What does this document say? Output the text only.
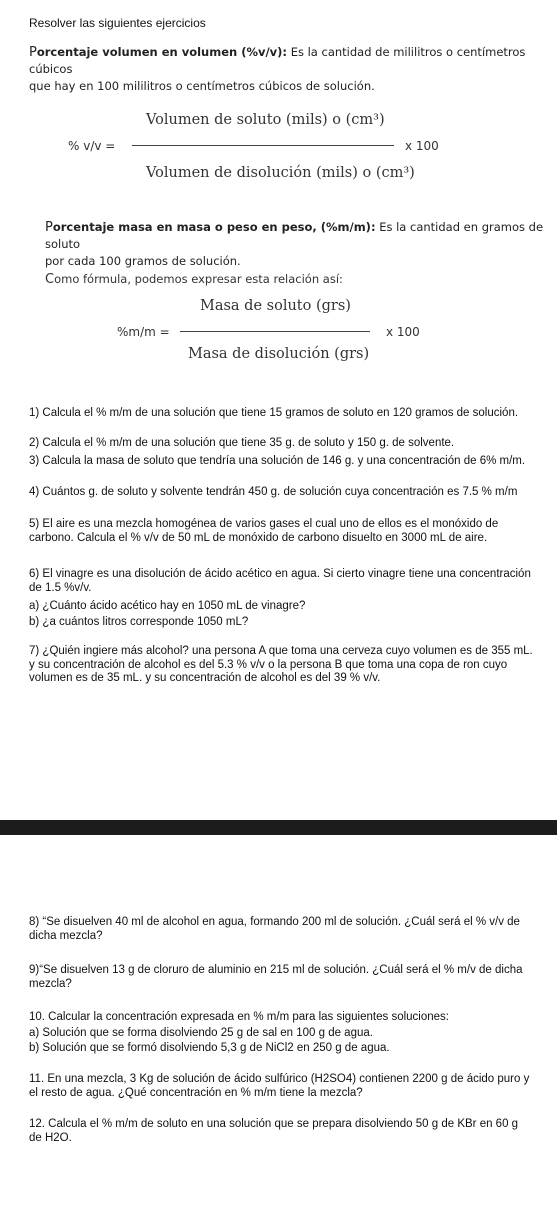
Resolver las siguientes ejercicios
Porcentaje volumen en volumen (%v/v): Es la cantidad de mililitros o centímetros cúbicos
que hay en 100 mililitros o centímetros cúbicos de solución.
% v/v =
Volumen de soluto (mils) o (cm³)
Volumen de disolución (mils) o (cm³)
x 100
Porcentaje masa en masa o peso en peso, (%m/m): Es la cantidad en gramos de soluto
por cada 100 gramos de solución.
Como fórmula, podemos expresar esta relación así:
%m/m =
Masa de soluto (grs)
Masa de disolución (grs)
x 100
1) Calcula el % m/m de una solución que tiene 15 gramos de soluto en 120 gramos de solución.
2) Calcula el % m/m de una solución que tiene 35 g. de soluto y 150 g. de solvente.
3) Calcula la masa de soluto que tendría una solución de 146 g. y una concentración de 6% m/m.
4) Cuántos g. de soluto y solvente tendrán 450 g. de solución cuya concentración es 7.5 % m/m
5) El aire es una mezcla homogénea de varios gases el cual uno de ellos es el monóxido de carbono. Calcula el % v/v de 50 mL de monóxido de carbono disuelto en 3000 mL de aire.
6) El vinagre es una disolución de ácido acético en agua. Si cierto vinagre tiene una concentración de 1.5 %v/v.
a) ¿Cuánto ácido acético hay en 1050 mL de vinagre?
b) ¿a cuántos litros corresponde 1050 mL?
7) ¿Quién ingiere más alcohol? una persona A que toma una cerveza cuyo volumen es de 355 mL. y su concentración de alcohol es del 5.3 % v/v o la persona B que toma una copa de ron cuyo volumen es de 35 mL. y su concentración de alcohol es del 39 % v/v.
8) “Se disuelven 40 ml de alcohol en agua, formando 200 ml de solución. ¿Cuál será el % v/v de dicha mezcla?
9)“Se disuelven 13 g de cloruro de aluminio en 215 ml de solución. ¿Cuál será el % m/v de dicha mezcla?
10. Calcular la concentración expresada en % m/m para las siguientes soluciones:
a) Solución que se forma disolviendo 25 g de sal en 100 g de agua.
b) Solución que se formó disolviendo 5,3 g de NiCl2 en 250 g de agua.
11. En una mezcla, 3 Kg de solución de ácido sulfúrico (H2SO4) contienen 2200 g de ácido puro y el resto de agua. ¿Qué concentración en % m/m tiene la mezcla?
12. Calcula el % m/m de soluto en una solución que se prepara disolviendo 50 g de KBr en 60 g de H2O.
